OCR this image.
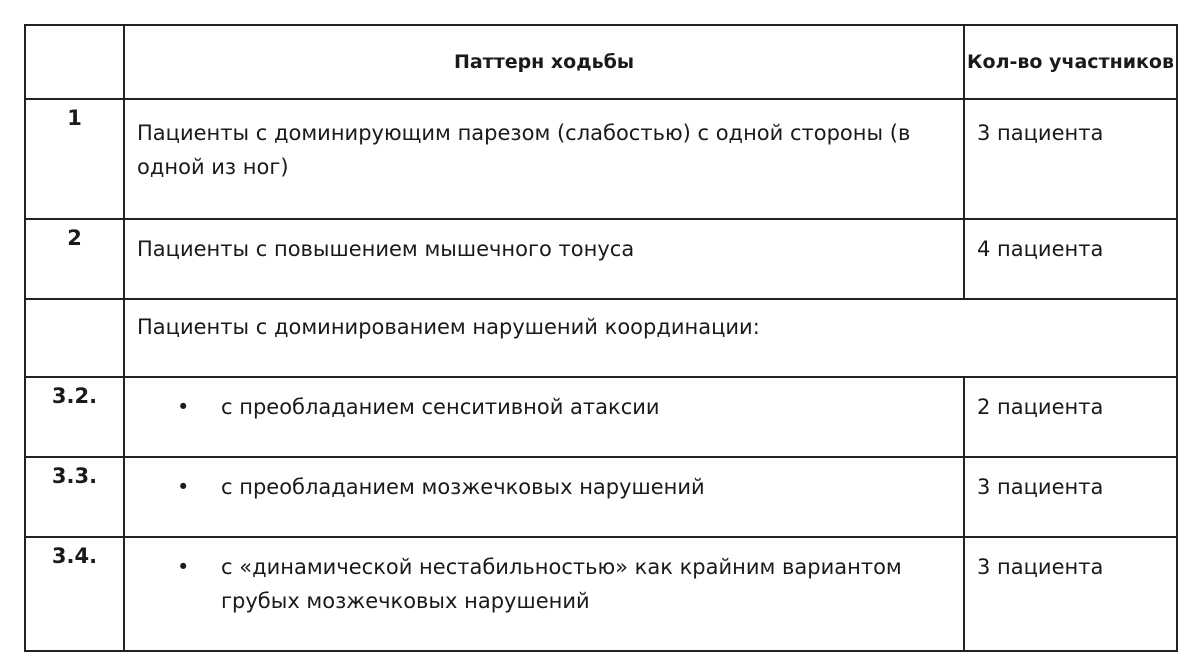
	Паттерн ходьбы	Кол-во участников
1	Пациенты с доминирующим парезом (слабостью) с одной стороны (в одной из ног)	3 пациента
2	Пациенты с повышением мышечного тонуса	4 пациента
	Пациенты с доминированием нарушений координации:	
3.2.	• с преобладанием сенситивной атаксии	2 пациента
3.3.	• с преобладанием мозжечковых нарушений	3 пациента
3.4.	• с «динамической нестабильностью» как крайним вариантом грубых мозжечковых нарушений	3 пациента
